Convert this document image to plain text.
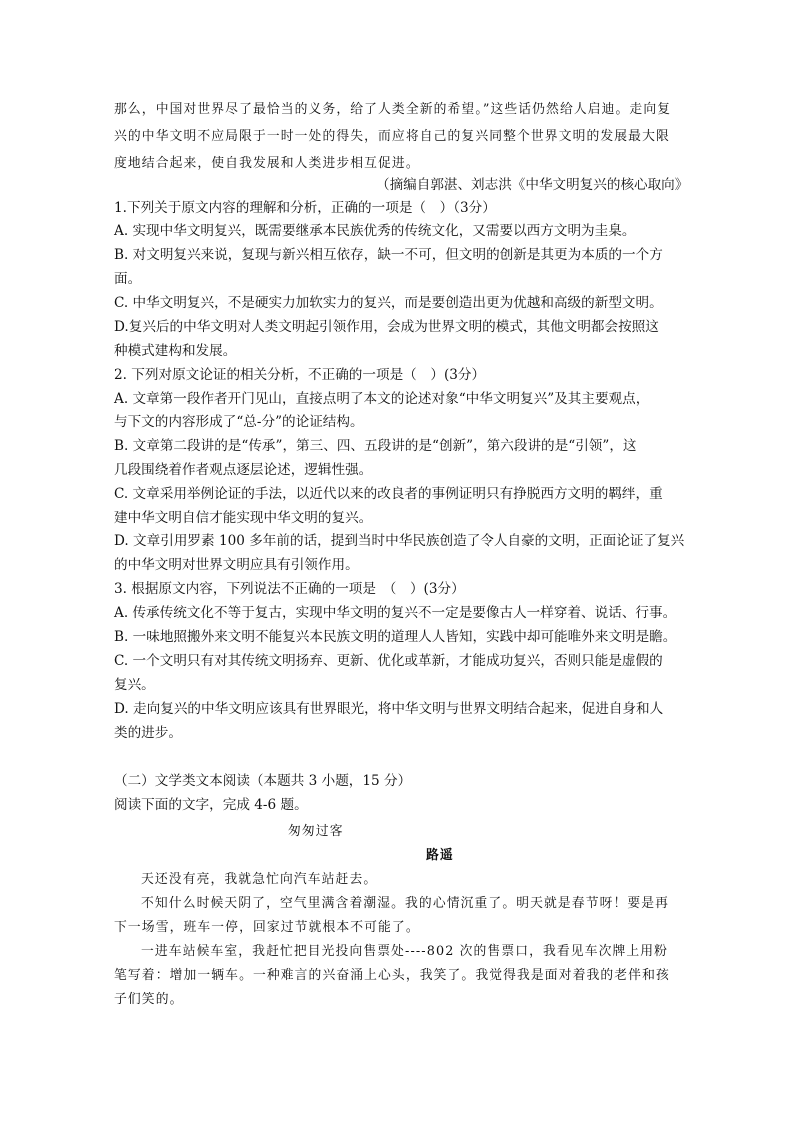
那么，中国对世界尽了最恰当的义务，给了人类全新的希望。”这些话仍然给人启迪。走向复
兴的中华文明不应局限于一时一处的得失，而应将自己的复兴同整个世界文明的发展最大限
度地结合起来，使自我发展和人类进步相互促进。
（摘编自郭湛、刘志洪《中华文明复兴的核心取向》
1.下列关于原文内容的理解和分析，正确的一项是（　）（3分）
A. 实现中华文明复兴，既需要继承本民族优秀的传统文化，又需要以西方文明为圭臬。
B. 对文明复兴来说，复现与新兴相互依存，缺一不可，但文明的创新是其更为本质的一个方
面。
C. 中华文明复兴，不是硬实力加软实力的复兴，而是要创造出更为优越和高级的新型文明。
D.复兴后的中华文明对人类文明起引领作用，会成为世界文明的模式，其他文明都会按照这
种模式建构和发展。
2. 下列对原文论证的相关分析，不正确的一项是（　）(3分）
A. 文章第一段作者开门见山，直接点明了本文的论述对象“中华文明复兴”及其主要观点，
与下文的内容形成了“总-分”的论证结构。
B. 文章第二段讲的是“传承”，第三、四、五段讲的是“创新”，第六段讲的是“引领”，这
几段围绕着作者观点逐层论述，逻辑性强。
C. 文章采用举例论证的手法，以近代以来的改良者的事例证明只有挣脱西方文明的羁绊，重
建中华文明自信才能实现中华文明的复兴。
D. 文章引用罗素 100 多年前的话，提到当时中华民族创造了令人自豪的文明，正面论证了复兴
的中华文明对世界文明应具有引领作用。
3. 根据原文内容，下列说法不正确的一项是　（　）(3分）
A. 传承传统文化不等于复古，实现中华文明的复兴不一定是要像古人一样穿着、说话、行事。
B. 一味地照搬外来文明不能复兴本民族文明的道理人人皆知，实践中却可能唯外来文明是瞻。
C. 一个文明只有对其传统文明扬弃、更新、优化或革新，才能成功复兴，否则只能是虚假的
复兴。
D. 走向复兴的中华文明应该具有世界眼光，将中华文明与世界文明结合起来，促进自身和人
类的进步。
（二）文学类文本阅读（本题共 3 小题，15 分）
阅读下面的文字，完成 4-6 题。
匆匆过客
路遥
天还没有亮，我就急忙向汽车站赶去。
不知什么时候天阴了，空气里满含着潮湿。我的心情沉重了。明天就是春节呀！要是再
下一场雪，班车一停，回家过节就根本不可能了。
一进车站候车室，我赶忙把目光投向售票处----802 次的售票口，我看见车次牌上用粉
笔写着：增加一辆车。一种难言的兴奋涌上心头，我笑了。我觉得我是面对着我的老伴和孩
子们笑的。
